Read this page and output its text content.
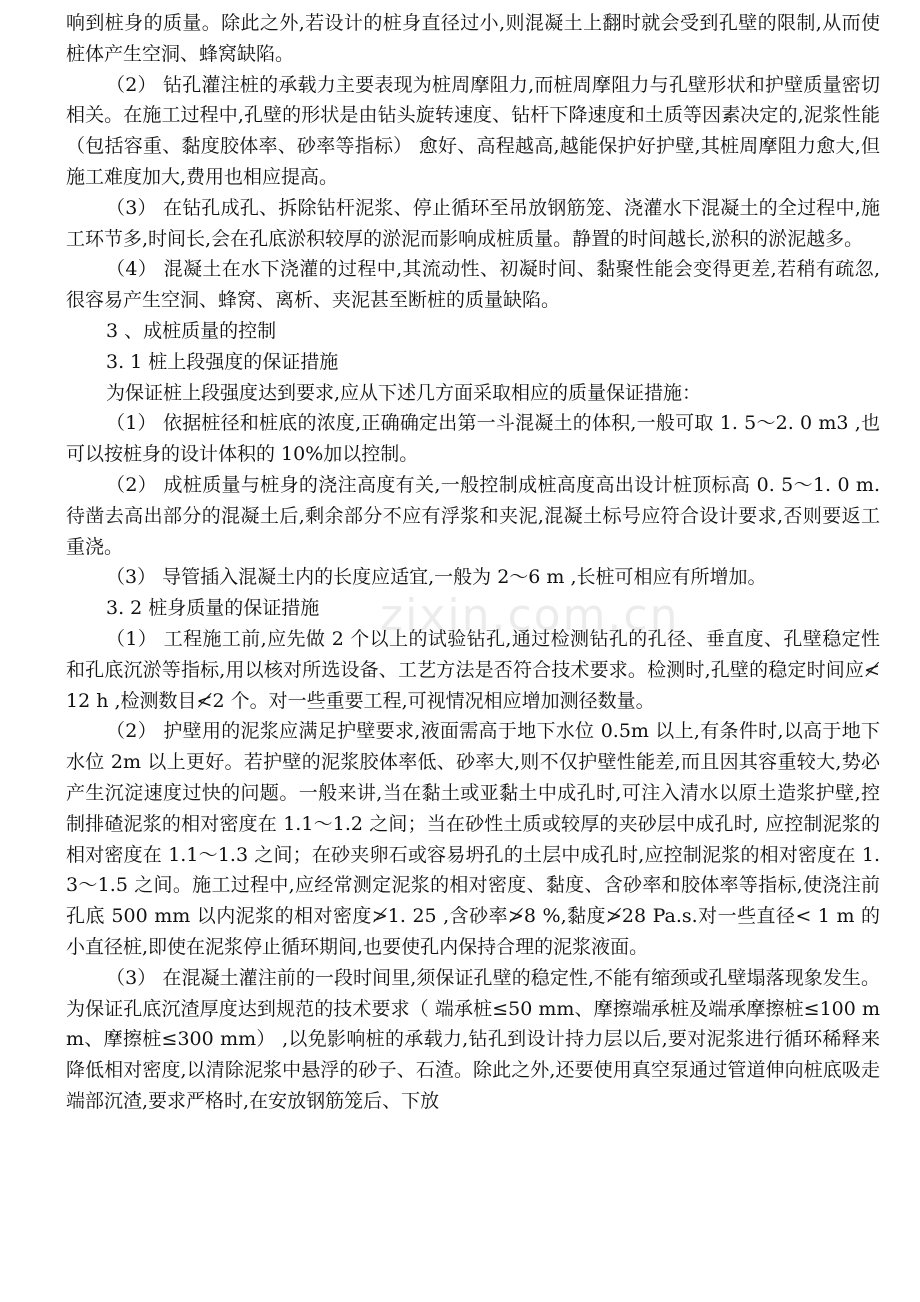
响到桩身的质量。除此之外,若设计的桩身直径过小,则混凝土上翻时就会受到孔壁的限制,从而使桩体产生空洞、蜂窝缺陷。

（2） 钻孔灌注桩的承载力主要表现为桩周摩阻力,而桩周摩阻力与孔壁形状和护壁质量密切相关。在施工过程中,孔壁的形状是由钻头旋转速度、钻杆下降速度和土质等因素决定的,泥浆性能（包括容重、黏度胶体率、砂率等指标） 愈好、高程越高,越能保护好护壁,其桩周摩阻力愈大,但施工难度加大,费用也相应提高。

（3） 在钻孔成孔、拆除钻杆泥浆、停止循环至吊放钢筋笼、浇灌水下混凝土的全过程中,施工环节多,时间长,会在孔底淤积较厚的淤泥而影响成桩质量。静置的时间越长,淤积的淤泥越多。

（4） 混凝土在水下浇灌的过程中,其流动性、初凝时间、黏聚性能会变得更差,若稍有疏忽,很容易产生空洞、蜂窝、离析、夹泥甚至断桩的质量缺陷。

3 、成桩质量的控制

3. 1 桩上段强度的保证措施

为保证桩上段强度达到要求,应从下述几方面采取相应的质量保证措施：

（1） 依据桩径和桩底的浓度,正确确定出第一斗混凝土的体积,一般可取 1. 5～2. 0 m3 ,也可以按桩身的设计体积的 10%加以控制。

（2） 成桩质量与桩身的浇注高度有关,一般控制成桩高度高出设计桩顶标高 0. 5～1. 0 m.待凿去高出部分的混凝土后,剩余部分不应有浮浆和夹泥,混凝土标号应符合设计要求,否则要返工重浇。

（3） 导管插入混凝土内的长度应适宜,一般为 2～6 m ,长桩可相应有所增加。

3. 2 桩身质量的保证措施

（1） 工程施工前,应先做 2 个以上的试验钻孔,通过检测钻孔的孔径、垂直度、孔壁稳定性和孔底沉淤等指标,用以核对所选设备、工艺方法是否符合技术要求。检测时,孔壁的稳定时间应≮12 h ,检测数目≮2 个。对一些重要工程,可视情况相应增加测径数量。

（2） 护壁用的泥浆应满足护壁要求,液面需高于地下水位 0.5m 以上,有条件时,以高于地下水位 2m 以上更好。若护壁的泥浆胶体率低、砂率大,则不仅护壁性能差,而且因其容重较大,势必产生沉淀速度过快的问题。一般来讲,当在黏土或亚黏土中成孔时,可注入清水以原土造浆护壁,控制排碴泥浆的相对密度在 1.1～1.2 之间；当在砂性土质或较厚的夹砂层中成孔时, 应控制泥浆的相对密度在 1.1～1.3 之间；在砂夹卵石或容易坍孔的土层中成孔时,应控制泥浆的相对密度在 1.3～1.5 之间。施工过程中,应经常测定泥浆的相对密度、黏度、含砂率和胶体率等指标,使浇注前孔底 500 mm 以内泥浆的相对密度≯1. 25 ,含砂率≯8 %,黏度≯28 Pa.s.对一些直径< 1 m 的小直径桩,即使在泥浆停止循环期间,也要使孔内保持合理的泥浆液面。

（3） 在混凝土灌注前的一段时间里,须保证孔壁的稳定性,不能有缩颈或孔壁塌落现象发生。为保证孔底沉渣厚度达到规范的技术要求（ 端承桩≤50 mm、摩擦端承桩及端承摩擦桩≤100 mm、摩擦桩≤300 mm） ,以免影响桩的承载力,钻孔到设计持力层以后,要对泥浆进行循环稀释来降低相对密度,以清除泥浆中悬浮的砂子、石渣。除此之外,还要使用真空泵通过管道伸向桩底吸走端部沉渣,要求严格时,在安放钢筋笼后、下放

zixin.com.cn
